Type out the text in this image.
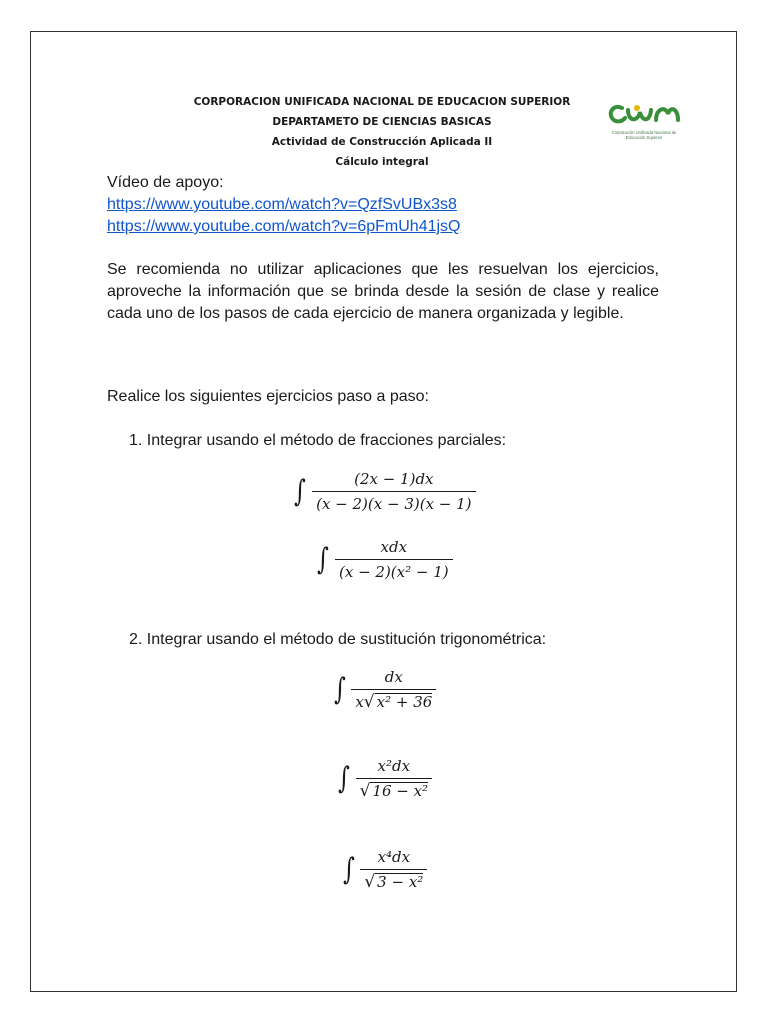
CORPORACION UNIFICADA NACIONAL DE EDUCACION SUPERIOR
DEPARTAMETO DE CIENCIAS BASICAS
Actividad de Construcción Aplicada II
Cálculo integral
Corporación Unificada Nacional de Educación Superior
Vídeo de apoyo:
https://www.youtube.com/watch?v=QzfSvUBx3s8
https://www.youtube.com/watch?v=6pFmUh41jsQ
Se recomienda no utilizar aplicaciones que les resuelvan los ejercicios, aproveche la información que se brinda desde la sesión de clase y realice cada uno de los pasos de cada ejercicio de manera organizada y legible.
Realice los siguientes ejercicios paso a paso:
1. Integrar usando el método de fracciones parciales:
∫ $\frac{(2x - 1)dx}{(x - 2)(x - 3)(x - 1)}$
∫ $\frac{\text{xdx}}{\text{(x − 2)(x² − 1)}}$
2. Integrar usando el método de sustitución trigonométrica:
∫ $\frac{dx}{\text{x √ x² + 36}}$
∫ $\frac{\text{x²dx}}{\text{√ 16 − x²}}$
∫ $\frac{\text{x⁴dx}}{\text{√ 3 − x²}}$
